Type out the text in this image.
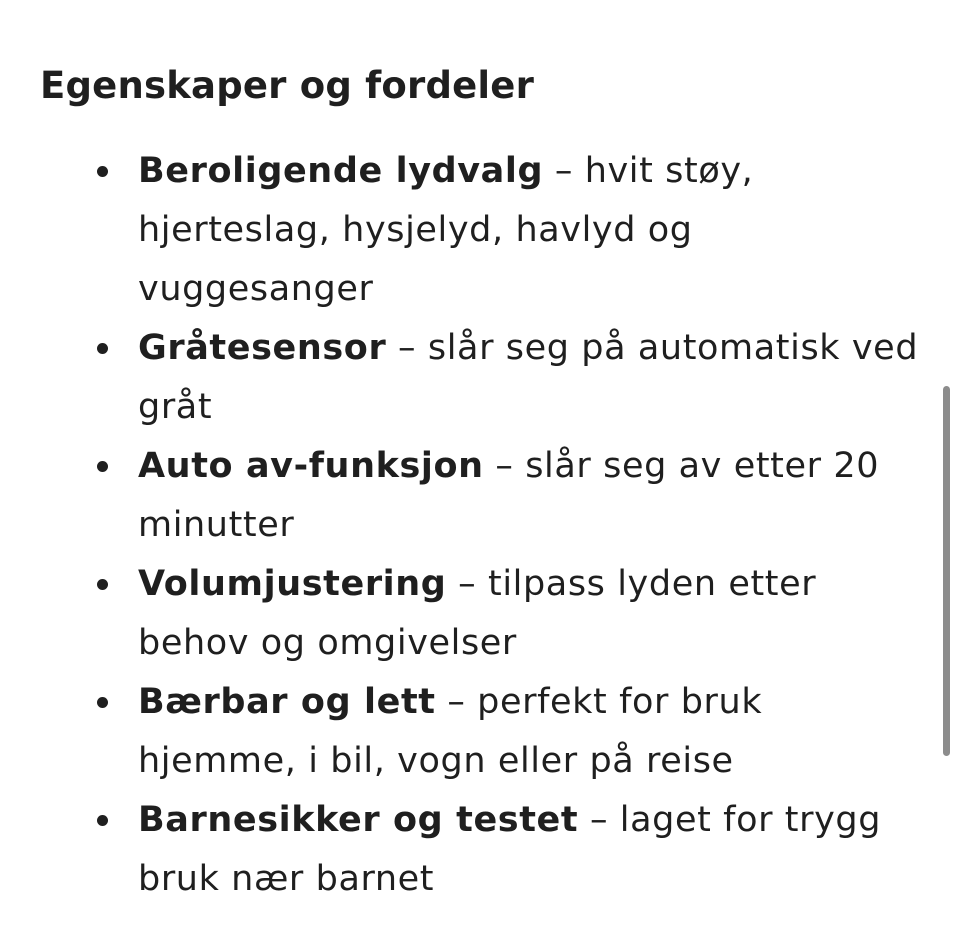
Egenskaper og fordeler
Beroligende lydvalg – hvit støy, hjerteslag, hysjelyd, havlyd og vuggesanger
Gråtesensor – slår seg på automatisk ved gråt
Auto av-funksjon – slår seg av etter 20 minutter
Volumjustering – tilpass lyden etter behov og omgivelser
Bærbar og lett – perfekt for bruk hjemme, i bil, vogn eller på reise
Barnesikker og testet – laget for trygg bruk nær barnet
